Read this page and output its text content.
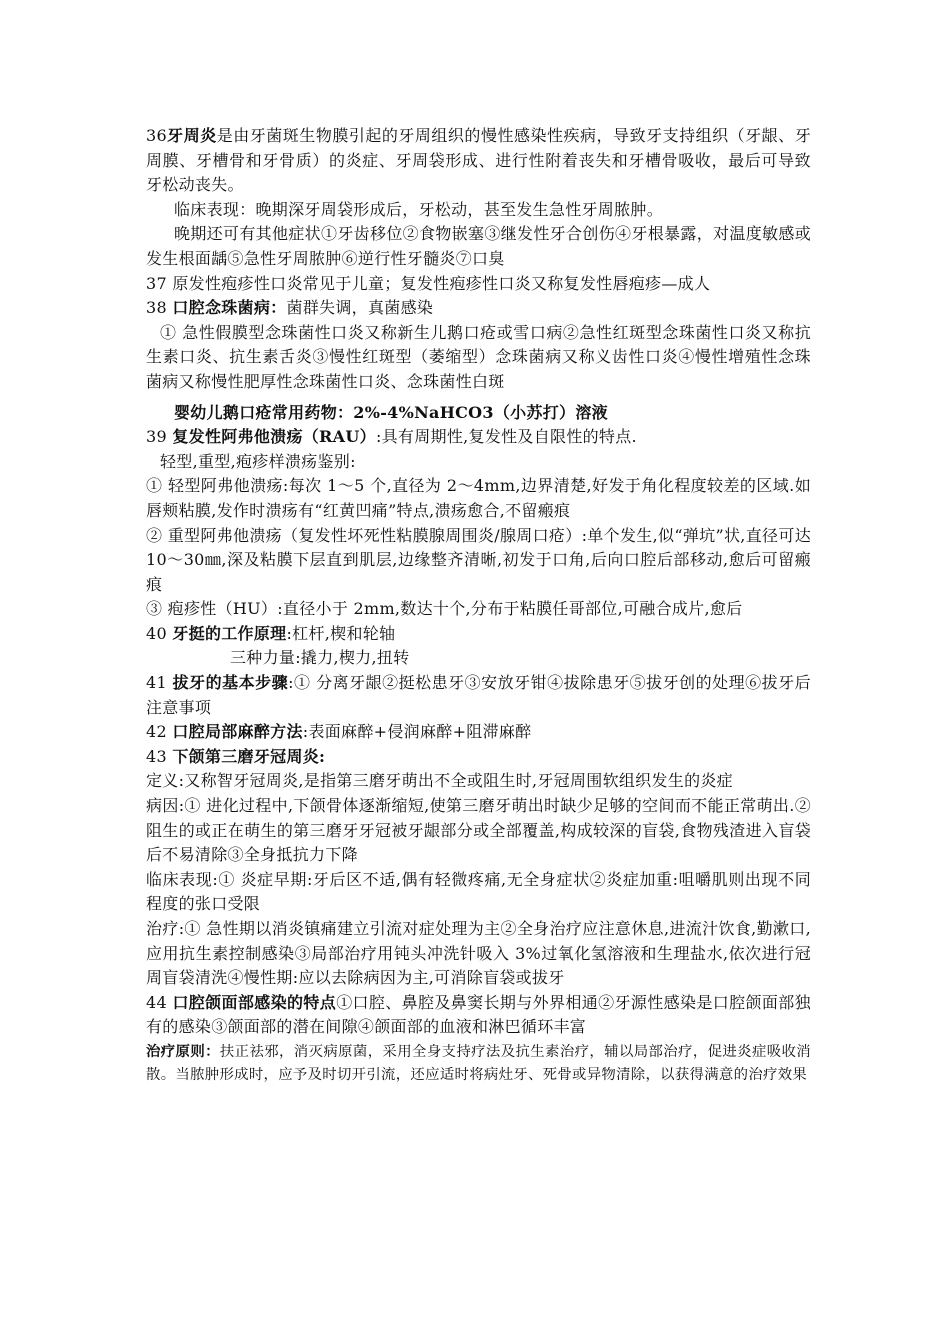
36牙周炎是由牙菌斑生物膜引起的牙周组织的慢性感染性疾病，导致牙支持组织（牙龈、牙周膜、牙槽骨和牙骨质）的炎症、牙周袋形成、进行性附着丧失和牙槽骨吸收，最后可导致牙松动丧失。

临床表现：晚期深牙周袋形成后，牙松动，甚至发生急性牙周脓肿。

晚期还可有其他症状①牙齿移位②食物嵌塞③继发性牙合创伤④牙根暴露，对温度敏感或发生根面龋⑤急性牙周脓肿⑥逆行性牙髓炎⑦口臭

37 原发性疱疹性口炎常见于儿童；复发性疱疹性口炎又称复发性唇疱疹—成人

38 口腔念珠菌病：菌群失调，真菌感染

① 急性假膜型念珠菌性口炎又称新生儿鹅口疮或雪口病②急性红斑型念珠菌性口炎又称抗生素口炎、抗生素舌炎③慢性红斑型（萎缩型）念珠菌病又称义齿性口炎④慢性增殖性念珠菌病又称慢性肥厚性念珠菌性口炎、念珠菌性白斑

婴幼儿鹅口疮常用药物：2%-4%NaHCO3（小苏打）溶液

39 复发性阿弗他溃疡（RAU）:具有周期性,复发性及自限性的特点.

轻型,重型,疱疹样溃疡鉴别:

① 轻型阿弗他溃疡:每次 1～5 个,直径为 2～4mm,边界清楚,好发于角化程度较差的区域.如唇颊粘膜,发作时溃疡有“红黄凹痛”特点,溃疡愈合,不留瘢痕

② 重型阿弗他溃疡（复发性坏死性粘膜腺周围炎/腺周口疮）:单个发生,似“弹坑”状,直径可达 10～30㎜,深及粘膜下层直到肌层,边缘整齐清晰,初发于口角,后向口腔后部移动,愈后可留瘢痕

③ 疱疹性（HU）:直径小于 2mm,数达十个,分布于粘膜任哥部位,可融合成片,愈后

40 牙挺的工作原理:杠杆,楔和轮轴

三种力量:撬力,楔力,扭转

41 拔牙的基本步骤:① 分离牙龈②挺松患牙③安放牙钳④拔除患牙⑤拔牙创的处理⑥拔牙后注意事项

42 口腔局部麻醉方法:表面麻醉+侵润麻醉+阻滞麻醉

43 下颌第三磨牙冠周炎:

定义:又称智牙冠周炎,是指第三磨牙萌出不全或阻生时,牙冠周围软组织发生的炎症

病因:① 进化过程中,下颌骨体逐渐缩短,使第三磨牙萌出时缺少足够的空间而不能正常萌出.② 阻生的或正在萌生的第三磨牙牙冠被牙龈部分或全部覆盖,构成较深的盲袋,食物残渣进入盲袋后不易清除③全身抵抗力下降

临床表现:① 炎症早期:牙后区不适,偶有轻微疼痛,无全身症状②炎症加重:咀嚼肌则出现不同程度的张口受限

治疗:① 急性期以消炎镇痛建立引流对症处理为主②全身治疗应注意休息,进流汁饮食,勤漱口,应用抗生素控制感染③局部治疗用钝头冲洗针吸入 3%过氧化氢溶液和生理盐水,依次进行冠周盲袋清洗④慢性期:应以去除病因为主,可消除盲袋或拔牙

44 口腔颌面部感染的特点①口腔、鼻腔及鼻窦长期与外界相通②牙源性感染是口腔颌面部独有的感染③颌面部的潜在间隙④颌面部的血液和淋巴循环丰富

治疗原则：扶正祛邪，消灭病原菌，采用全身支持疗法及抗生素治疗，辅以局部治疗，促进炎症吸收消散。当脓肿形成时，应予及时切开引流，还应适时将病灶牙、死骨或异物清除，以获得满意的治疗效果
